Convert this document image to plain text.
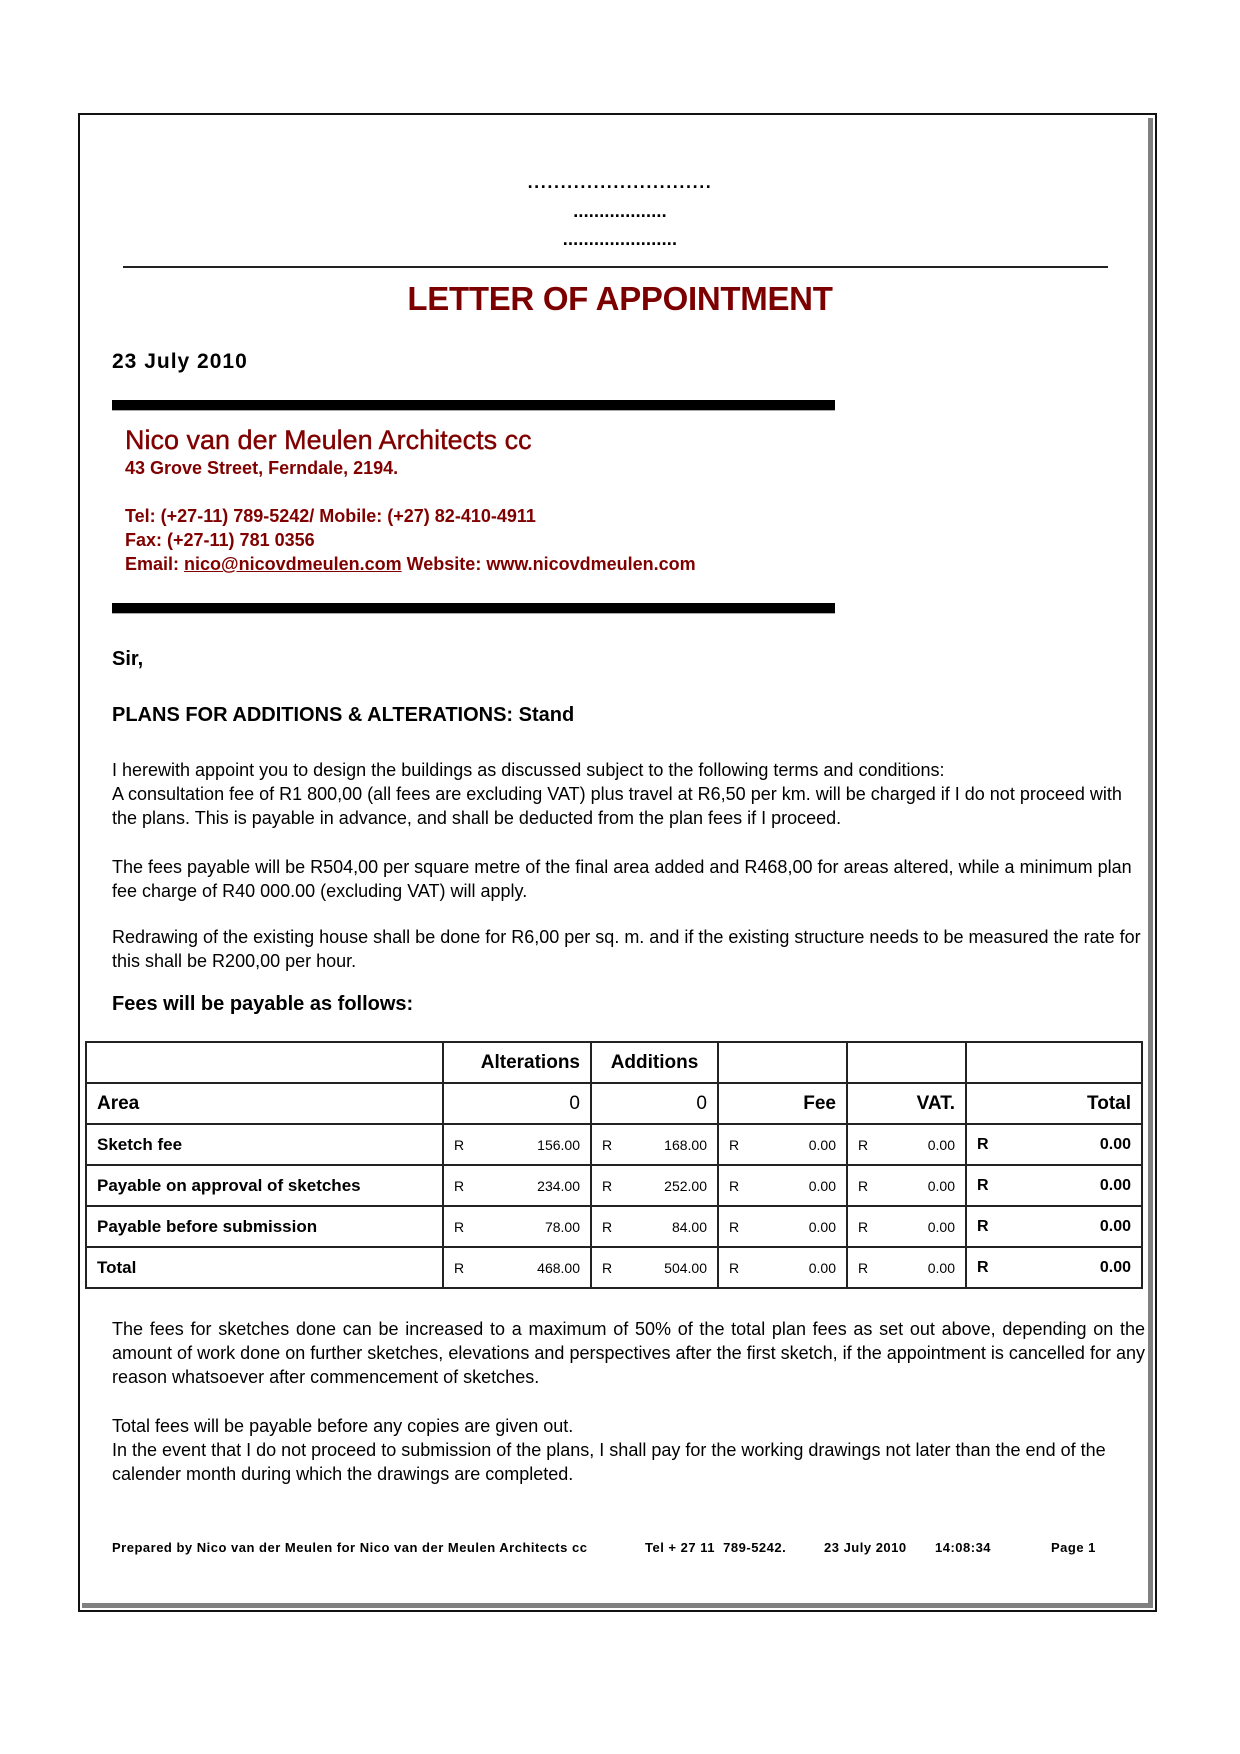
............................
..................
......................
LETTER OF APPOINTMENT
23 July 2010
Nico van der Meulen Architects cc
43 Grove Street, Ferndale, 2194.
Tel: (+27-11) 789-5242/ Mobile: (+27) 82-410-4911
Fax: (+27-11) 781 0356
Email: nico@nicovdmeulen.com Website: www.nicovdmeulen.com

Sir,

PLANS FOR ADDITIONS & ALTERATIONS: Stand

I herewith appoint you to design the buildings as discussed subject to the following terms and conditions:

A consultation fee of R1 800,00 (all fees are excluding VAT) plus travel at R6,50 per km. will be charged if I do not proceed with the plans. This is payable in advance, and shall be deducted from the plan fees if I proceed.

The fees payable will be R504,00 per square metre of the final area added and R468,00 for areas altered, while a minimum plan fee charge of R40 000.00 (excluding VAT) will apply.

Redrawing of the existing house shall be done for R6,00 per sq. m. and if the existing structure needs to be measured the rate for this shall be R200,00 per hour.

Fees will be payable as follows:

	Alterations	Additions			
Area	0	0	Fee	VAT.	Total
Sketch fee	R 156.00	R 168.00	R 0.00	R 0.00	R 0.00

Payable on approval of sketches	R 234.00	R 252.00	R 0.00	R 0.00	R 0.00

Payable before submission	R 78.00	R 84.00	R 0.00	R 0.00	R 0.00

Total	R 468.00	R 504.00	R 0.00	R 0.00	R 0.00

The fees for sketches done can be increased to a maximum of 50% of the total plan fees as set out above, depending on the amount of work done on further sketches, elevations and perspectives after the first sketch, if the appointment is cancelled for any reason whatsoever after commencement of sketches.

Total fees will be payable before any copies are given out.

In the event that I do not proceed to submission of the plans, I shall pay for the working drawings not later than the end of the calender month during which the drawings are completed.

Prepared by Nico van der Meulen for Nico van der Meulen Architects cc	Tel + 27 11  789-5242.	23 July 2010 14:08:34	Page 1
